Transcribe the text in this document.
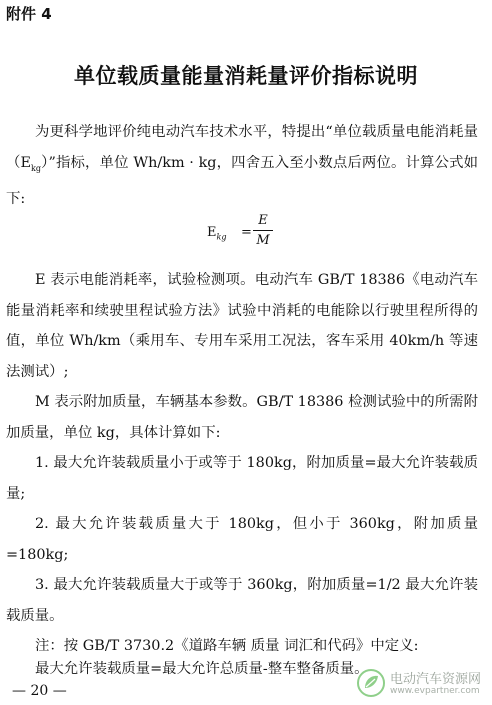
附件 4
单位载质量能量消耗量评价指标说明
为更科学地评价纯电动汽车技术水平，特提出“单位载质量电能消耗量$(E_{kg})$”指标，单位 Wh/km · kg，四舍五入至小数点后两位。计算公式如下:
$E_{kg}$ =
E
M
E 表示电能消耗率，试验检测项。电动汽车 GB/T 18386《电动汽车能量消耗率和续驶里程试验方法》试验中消耗的电能除以行驶里程所得的值，单位 Wh/km（乘用车、专用车采用工况法，客车采用 40km/h 等速法测试）;
M 表示附加质量，车辆基本参数。GB/T 18386 检测试验中的所需附加质量，单位 kg，具体计算如下:
1. 最大允许装载质量小于或等于 180kg，附加质量=最大允许装载质量;
2. 最大允许装载质量大于 180kg，但小于 360kg，附加质量=180kg;
3. 最大允许装载质量大于或等于 360kg，附加质量=1/2 最大允许装载质量。
注：按 GB/T 3730.2《道路车辆 质量 词汇和代码》中定义:
最大允许装载质量=最大允许总质量-整车整备质量。
— 20 —
电动汽车资源网
www.evpartner.com
